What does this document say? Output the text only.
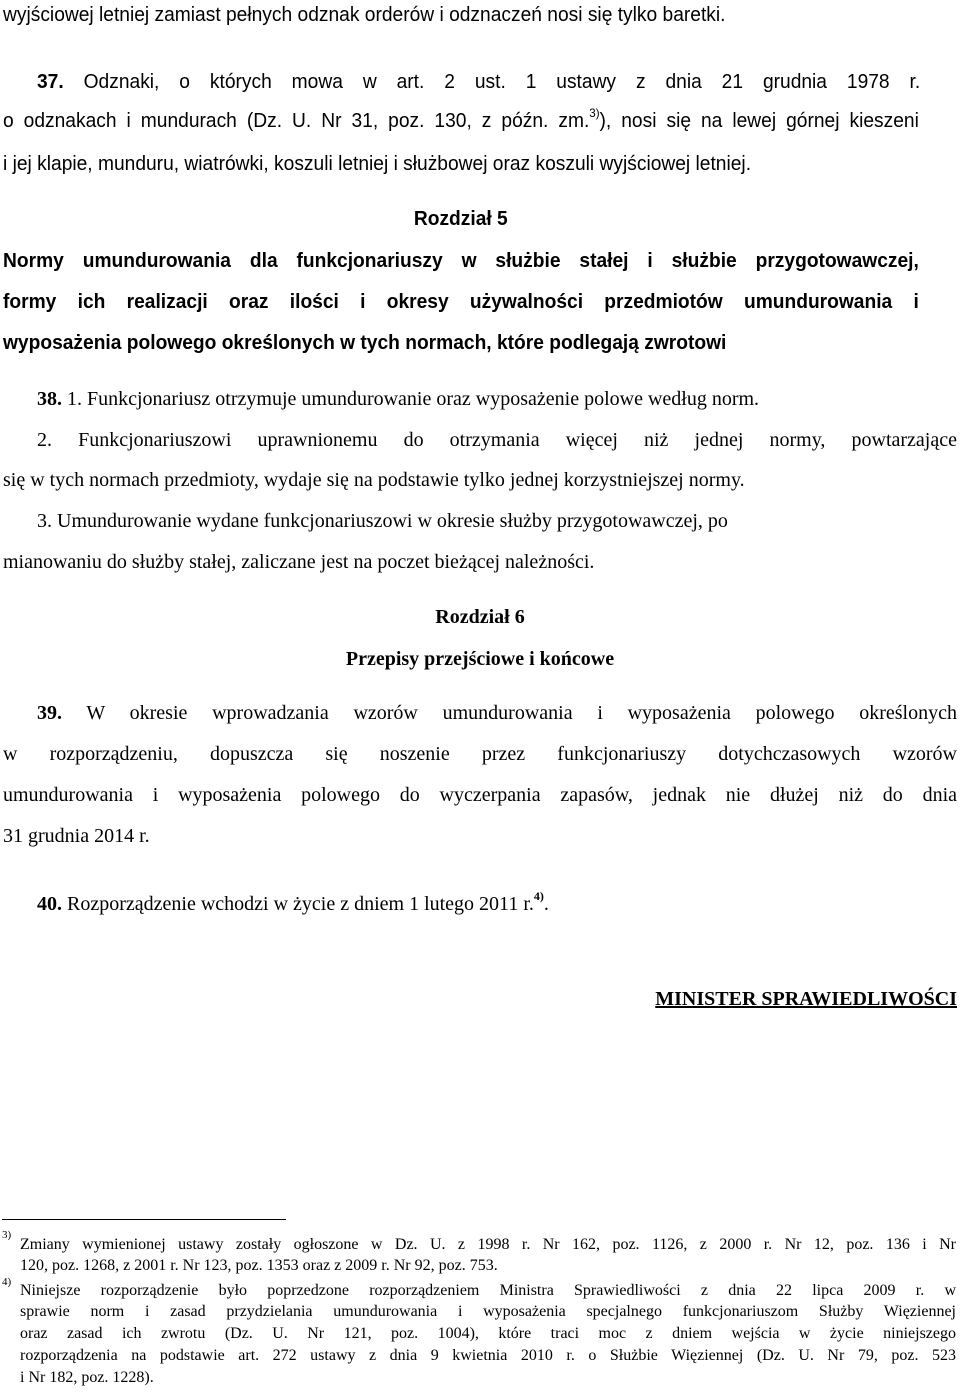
wyjściowej letniej zamiast pełnych odznak orderów i odznaczeń nosi się tylko baretki.
37. Odznaki, o których mowa w art. 2 ust. 1 ustawy z dnia 21 grudnia 1978 r.
o odznakach i mundurach (Dz. U. Nr 31, poz. 130, z późn. zm.$^{3)}$), nosi się na lewej górnej kieszeni
i jej klapie, munduru, wiatrówki, koszuli letniej i służbowej oraz koszuli wyjściowej letniej.
Rozdział 5
Normy umundurowania dla funkcjonariuszy w służbie stałej i służbie przygotowawczej,
formy ich realizacji oraz ilości i okresy używalności przedmiotów umundurowania i
wyposażenia polowego określonych w tych normach, które podlegają zwrotowi
38. 1. Funkcjonariusz otrzymuje umundurowanie oraz wyposażenie polowe według norm.
2. Funkcjonariuszowi uprawnionemu do otrzymania więcej niż jednej normy, powtarzające
się w tych normach przedmioty, wydaje się na podstawie tylko jednej korzystniejszej normy.
3. Umundurowanie wydane funkcjonariuszowi w okresie służby przygotowawczej, po
mianowaniu do służby stałej, zaliczane jest na poczet bieżącej należności.
Rozdział 6
Przepisy przejściowe i końcowe
39. W okresie wprowadzania wzorów umundurowania i wyposażenia polowego określonych
w rozporządzeniu, dopuszcza się noszenie przez funkcjonariuszy dotychczasowych wzorów
umundurowania i wyposażenia polowego do wyczerpania zapasów, jednak nie dłużej niż do dnia
31 grudnia 2014 r.
40. Rozporządzenie wchodzi w życie z dniem 1 lutego 2011 r.$^{4)}$.
MINISTER SPRAWIEDLIWOŚCI
3)
Zmiany wymienionej ustawy zostały ogłoszone w Dz. U. z 1998 r. Nr 162, poz. 1126, z 2000 r. Nr 12, poz. 136 i Nr
120, poz. 1268, z 2001 r. Nr 123, poz. 1353 oraz z 2009 r. Nr 92, poz. 753.
4) Niniejsze rozporządzenie było poprzedzone rozporządzeniem Ministra Sprawiedliwości z dnia 22 lipca 2009 r. w
sprawie norm i zasad przydzielania umundurowania i wyposażenia specjalnego funkcjonariuszom Służby Więziennej
oraz zasad ich zwrotu (Dz. U. Nr 121, poz. 1004), które traci moc z dniem wejścia w życie niniejszego
rozporządzenia na podstawie art. 272 ustawy z dnia 9 kwietnia 2010 r. o Służbie Więziennej (Dz. U. Nr 79, poz. 523
i Nr 182, poz. 1228).
